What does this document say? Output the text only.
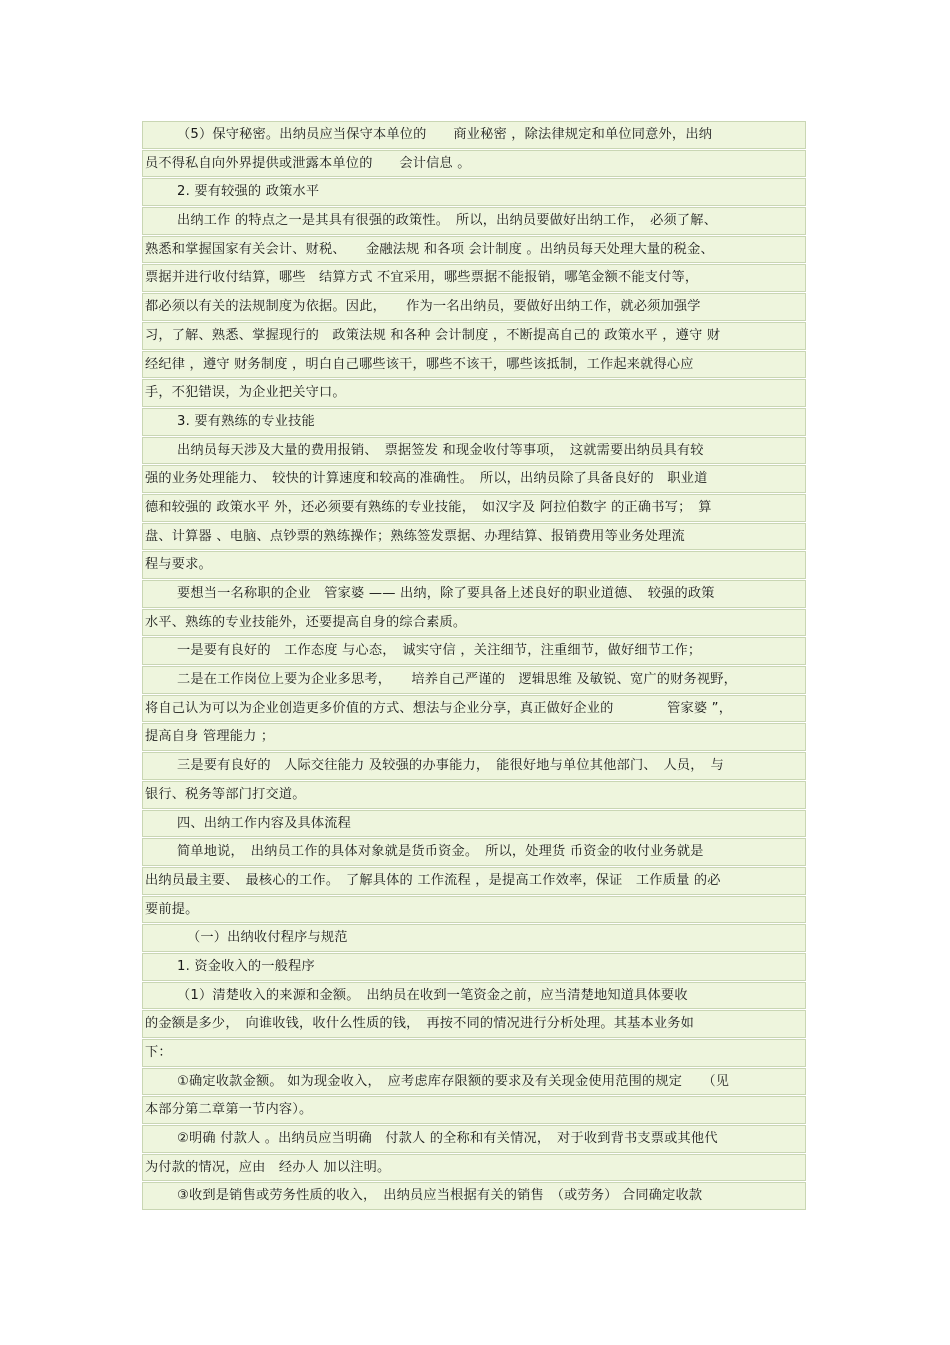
（5）保守秘密。出纳员应当保守本单位的　　商业秘密 ，除法律规定和单位同意外，出纳
员不得私自向外界提供或泄露本单位的　　会计信息 。
2. 要有较强的 政策水平
出纳工作 的特点之一是其具有很强的政策性。　所以，出纳员要做好出纳工作，　必须了解、
熟悉和掌握国家有关会计、财税、　　金融法规 和各项 会计制度 。出纳员每天处理大量的税金、
票据并进行收付结算，哪些　结算方式 不宜采用，哪些票据不能报销，哪笔金额不能支付等，
都必须以有关的法规制度为依据。因此，　　作为一名出纳员，要做好出纳工作，就必须加强学
习，了解、熟悉、掌握现行的　政策法规 和各种 会计制度 ，不断提高自己的 政策水平 ，遵守 财
经纪律 ，遵守 财务制度 ，明白自己哪些该干，哪些不该干，哪些该抵制，工作起来就得心应
手，不犯错误，为企业把关守口。
3. 要有熟练的专业技能
出纳员每天涉及大量的费用报销、　票据签发 和现金收付等事项，　这就需要出纳员具有较
强的业务处理能力、　较快的计算速度和较高的准确性。　所以，出纳员除了具备良好的　职业道
德和较强的 政策水平 外，还必须要有熟练的专业技能，　如汉字及 阿拉伯数字 的正确书写；　算
盘、计算器 、电脑、点钞票的熟练操作；熟练签发票据、办理结算、报销费用等业务处理流
程与要求。
要想当一名称职的企业　管家婆 —— 出纳，除了要具备上述良好的职业道德、　较强的政策
水平、熟练的专业技能外，还要提高自身的综合素质。
一是要有良好的　工作态度 与心态，　诚实守信 ，关注细节，注重细节，做好细节工作；
二是在工作岗位上要为企业多思考，　　培养自己严谨的　逻辑思维 及敏锐、宽广的财务视野，
将自己认为可以为企业创造更多价值的方式、想法与企业分享，真正做好企业的　　　　管家婆 ”，
提高自身 管理能力 ；
三是要有良好的　人际交往能力 及较强的办事能力，　能很好地与单位其他部门、　人员，　与
银行、税务等部门打交道。
四、出纳工作内容及具体流程
简单地说，　出纳员工作的具体对象就是货币资金。　所以，处理货 币资金的收付业务就是
出纳员最主要、　最核心的工作。　了解具体的 工作流程 ，是提高工作效率，保证　工作质量 的必
要前提。
（一）出纳收付程序与规范
1. 资金收入的一般程序
（1）清楚收入的来源和金额。　出纳员在收到一笔资金之前，应当清楚地知道具体要收
的金额是多少，　向谁收钱，收什么性质的钱，　再按不同的情况进行分析处理。其基本业务如
下：
①确定收款金额。 如为现金收入，　应考虑库存限额的要求及有关现金使用范围的规定　　（见
本部分第二章第一节内容）。
②明确 付款人 。出纳员应当明确　付款人 的全称和有关情况，　对于收到背书支票或其他代
为付款的情况，应由　经办人 加以注明。
③收到是销售或劳务性质的收入，　出纳员应当根据有关的销售　（或劳务） 合同确定收款
